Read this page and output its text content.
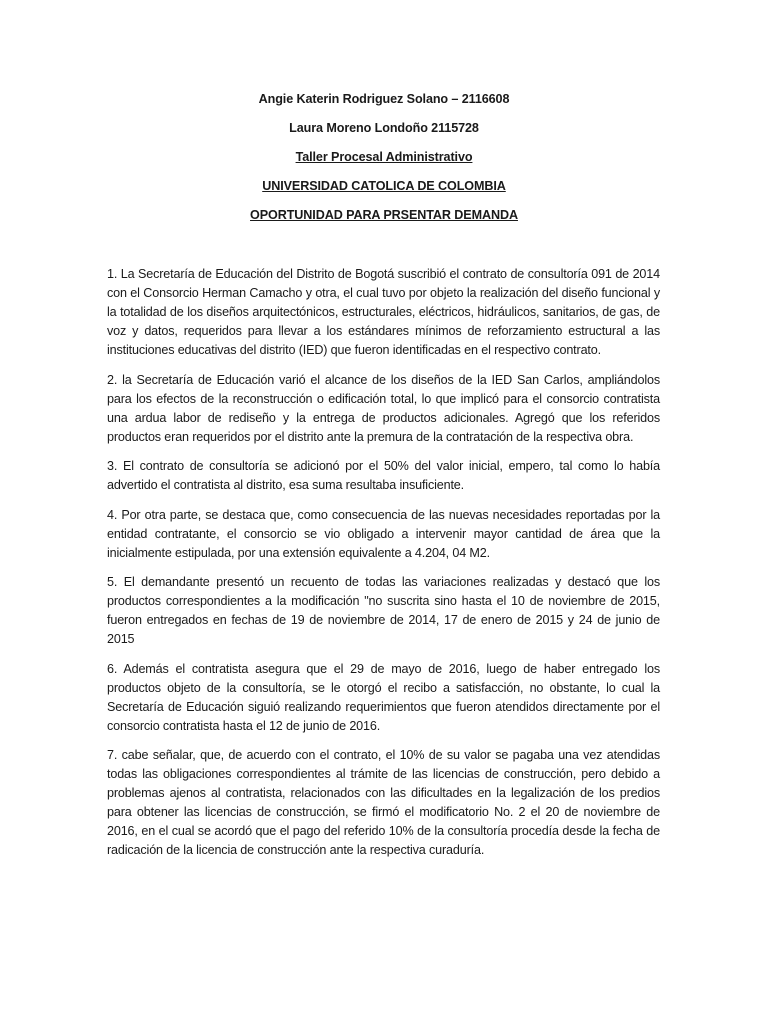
Angie Katerin Rodriguez Solano – 2116608
Laura Moreno Londoño 2115728
Taller Procesal Administrativo
UNIVERSIDAD CATOLICA DE COLOMBIA
OPORTUNIDAD PARA PRSENTAR DEMANDA

1. La Secretaría de Educación del Distrito de Bogotá suscribió el contrato de consultoría 091 de 2014 con el Consorcio Herman Camacho y otra, el cual tuvo por objeto la realización del diseño funcional y la totalidad de los diseños arquitectónicos, estructurales, eléctricos, hidráulicos, sanitarios, de gas, de voz y datos, requeridos para llevar a los estándares mínimos de reforzamiento estructural a las instituciones educativas del distrito (IED) que fueron identificadas en el respectivo contrato.

2. la Secretaría de Educación varió el alcance de los diseños de la IED San Carlos, ampliándolos para los efectos de la reconstrucción o edificación total, lo que implicó para el consorcio contratista una ardua labor de rediseño y la entrega de productos adicionales. Agregó que los referidos productos eran requeridos por el distrito ante la premura de la contratación de la respectiva obra.

3. El contrato de consultoría se adicionó por el 50% del valor inicial, empero, tal como lo había advertido el contratista al distrito, esa suma resultaba insuficiente.

4. Por otra parte, se destaca que, como consecuencia de las nuevas necesidades reportadas por la entidad contratante, el consorcio se vio obligado a intervenir mayor cantidad de área que la inicialmente estipulada, por una extensión equivalente a 4.204, 04 M2.

5. El demandante presentó un recuento de todas las variaciones realizadas y destacó que los productos correspondientes a la modificación "no suscrita sino hasta el 10 de noviembre de 2015, fueron entregados en fechas de 19 de noviembre de 2014, 17 de enero de 2015 y 24 de junio de 2015

6. Además el contratista asegura que el 29 de mayo de 2016, luego de haber entregado los productos objeto de la consultoría, se le otorgó el recibo a satisfacción, no obstante, lo cual la Secretaría de Educación siguió realizando requerimientos que fueron atendidos directamente por el consorcio contratista hasta el 12 de junio de 2016.

7. cabe señalar, que, de acuerdo con el contrato, el 10% de su valor se pagaba una vez atendidas todas las obligaciones correspondientes al trámite de las licencias de construcción, pero debido a problemas ajenos al contratista, relacionados con las dificultades en la legalización de los predios para obtener las licencias de construcción, se firmó el modificatorio No. 2 el 20 de noviembre de 2016, en el cual se acordó que el pago del referido 10% de la consultoría procedía desde la fecha de radicación de la licencia de construcción ante la respectiva curaduría.
